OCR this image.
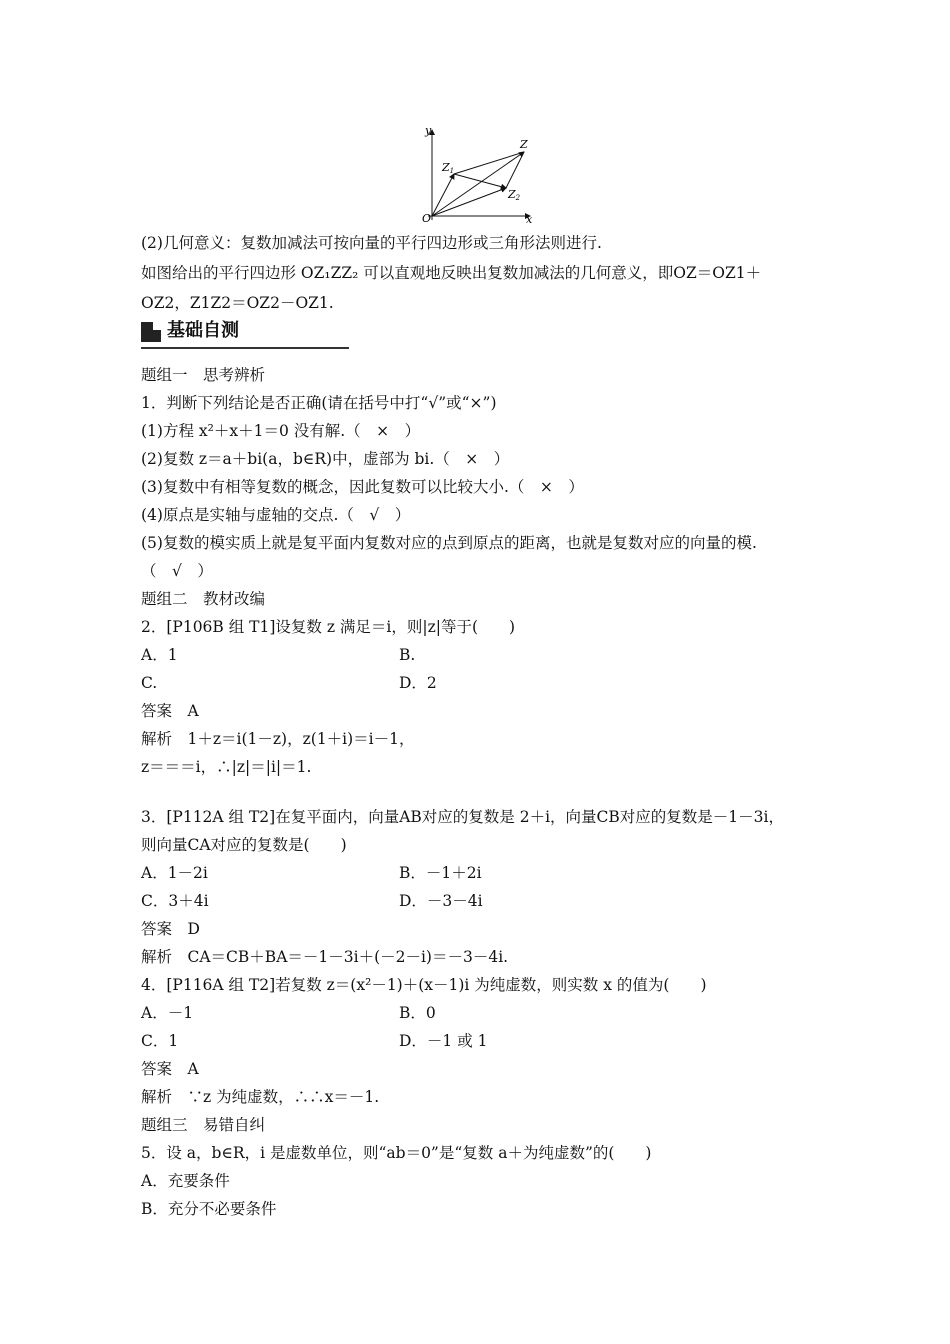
y
x
O
Z
Z1
Z2
(2)几何意义：复数加减法可按向量的平行四边形或三角形法则进行.
如图给出的平行四边形 OZ₁ZZ₂ 可以直观地反映出复数加减法的几何意义，即OZ＝OZ1＋
OZ2，Z1Z2＝OZ2－OZ1.
基础自测
题组一　思考辨析
1．判断下列结论是否正确(请在括号中打“√”或“×”)
(1)方程 x²＋x＋1＝0 没有解.（　×　）
(2)复数 z＝a＋bi(a，b∈R)中，虚部为 bi.（　×　）
(3)复数中有相等复数的概念，因此复数可以比较大小.（　×　）
(4)原点是实轴与虚轴的交点.（　√　）
(5)复数的模实质上就是复平面内复数对应的点到原点的距离，也就是复数对应的向量的模.
（　√　）
题组二　教材改编
2．[P106B 组 T1]设复数 z 满足＝i，则|z|等于(　　)
A．1	B.
C.	D．2
答案　A
解析　1＋z＝i(1－z)，z(1＋i)＝i－1，
z＝＝＝i，∴|z|＝|i|＝1.
3．[P112A 组 T2]在复平面内，向量AB对应的复数是 2＋i，向量CB对应的复数是－1－3i，
则向量CA对应的复数是(　　)
A．1－2i	B．－1＋2i
C．3＋4i	D．－3－4i
答案　D
解析　CA＝CB＋BA＝－1－3i＋(－2－i)＝－3－4i.
4．[P116A 组 T2]若复数 z＝(x²－1)＋(x－1)i 为纯虚数，则实数 x 的值为(　　)
A．－1	B．0
C．1	D．－1 或 1
答案　A
解析　∵z 为纯虚数，∴∴x＝－1.
题组三　易错自纠
5．设 a，b∈R，i 是虚数单位，则“ab＝0”是“复数 a＋为纯虚数”的(　　)
A．充要条件
B．充分不必要条件
